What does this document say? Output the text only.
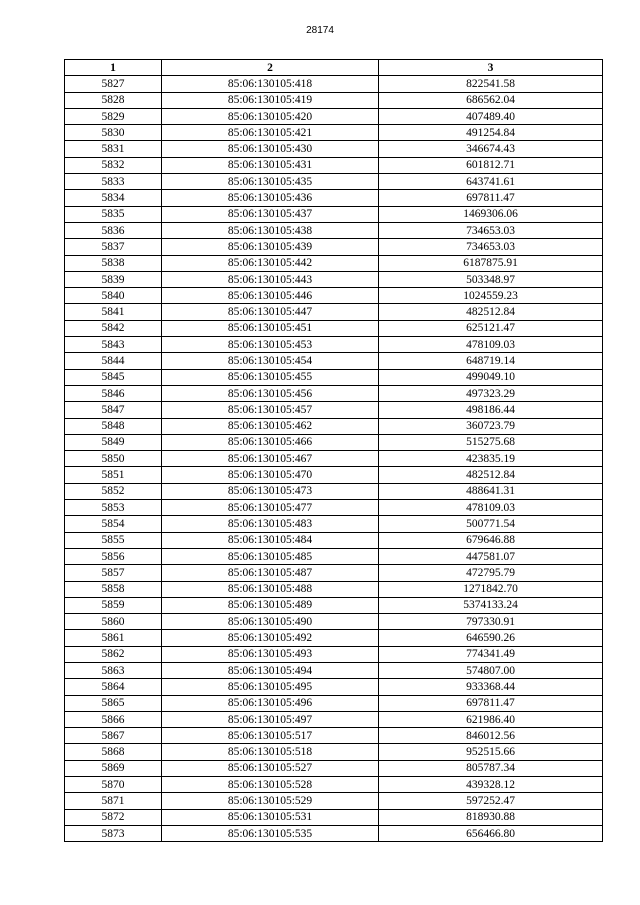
28174
1	2	3
5827	85:06:130105:418	822541.58
5828	85:06:130105:419	686562.04
5829	85:06:130105:420	407489.40
5830	85:06:130105:421	491254.84
5831	85:06:130105:430	346674.43
5832	85:06:130105:431	601812.71
5833	85:06:130105:435	643741.61
5834	85:06:130105:436	697811.47
5835	85:06:130105:437	1469306.06
5836	85:06:130105:438	734653.03
5837	85:06:130105:439	734653.03
5838	85:06:130105:442	6187875.91
5839	85:06:130105:443	503348.97
5840	85:06:130105:446	1024559.23
5841	85:06:130105:447	482512.84
5842	85:06:130105:451	625121.47
5843	85:06:130105:453	478109.03
5844	85:06:130105:454	648719.14
5845	85:06:130105:455	499049.10
5846	85:06:130105:456	497323.29
5847	85:06:130105:457	498186.44
5848	85:06:130105:462	360723.79
5849	85:06:130105:466	515275.68
5850	85:06:130105:467	423835.19
5851	85:06:130105:470	482512.84
5852	85:06:130105:473	488641.31
5853	85:06:130105:477	478109.03
5854	85:06:130105:483	500771.54
5855	85:06:130105:484	679646.88
5856	85:06:130105:485	447581.07
5857	85:06:130105:487	472795.79
5858	85:06:130105:488	1271842.70
5859	85:06:130105:489	5374133.24
5860	85:06:130105:490	797330.91
5861	85:06:130105:492	646590.26
5862	85:06:130105:493	774341.49
5863	85:06:130105:494	574807.00
5864	85:06:130105:495	933368.44
5865	85:06:130105:496	697811.47
5866	85:06:130105:497	621986.40
5867	85:06:130105:517	846012.56
5868	85:06:130105:518	952515.66
5869	85:06:130105:527	805787.34
5870	85:06:130105:528	439328.12
5871	85:06:130105:529	597252.47
5872	85:06:130105:531	818930.88
5873	85:06:130105:535	656466.80
